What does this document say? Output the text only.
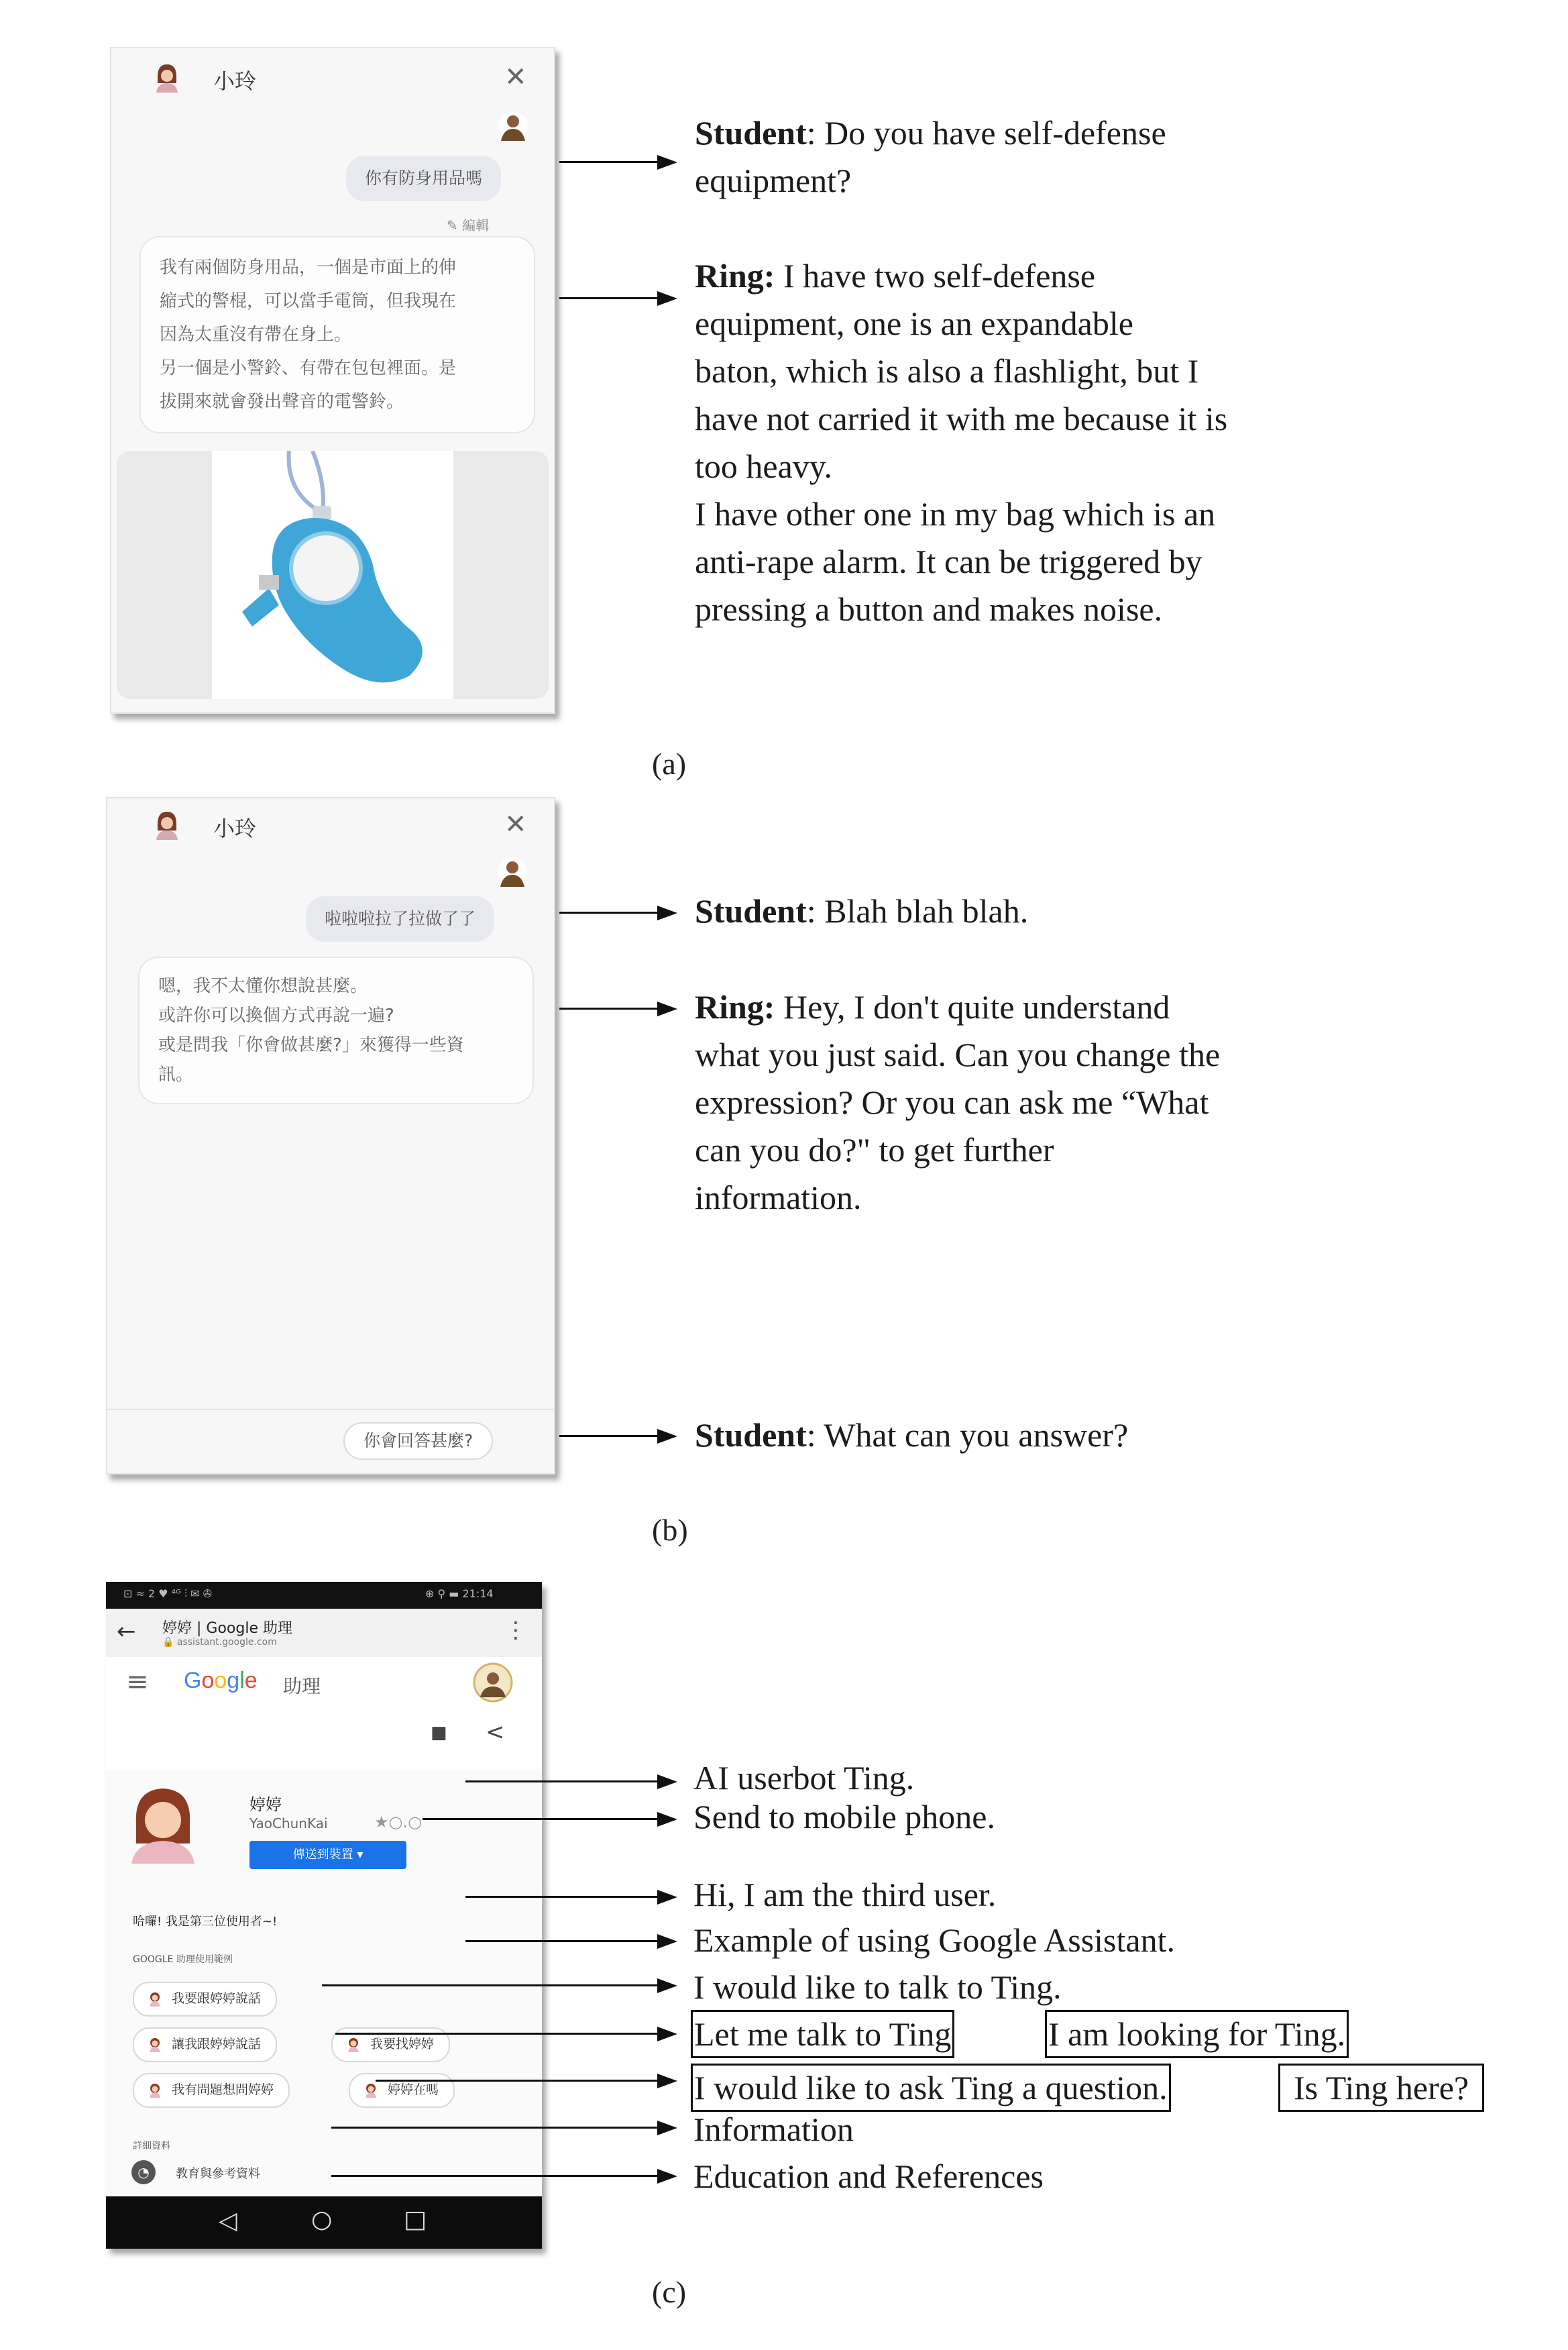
小玲	✕
你有防身用品嗎
✎ 編輯
我有兩個防身用品，一個是市面上的伸
縮式的警棍，可以當手電筒，但我現在
因為太重沒有帶在身上。
另一個是小警鈴、有帶在包包裡面。是
拔開來就會發出聲音的電警鈴。
Student: Do you have self-defense
equipment?
Ring: I have two self-defense
equipment, one is an expandable
baton, which is also a flashlight, but I
have not carried it with me because it is
too heavy.
I have other one in my bag which is an
anti-rape alarm. It can be triggered by
pressing a button and makes noise.
(a)
小玲	✕
啦啦啦拉了拉做了了
嗯，我不太懂你想說甚麼。
或許你可以換個方式再說一遍?
或是問我「你會做甚麼?」來獲得一些資
訊。
你會回答甚麼?
Student: Blah blah blah.
Ring: Hey, I don't quite understand
what you just said. Can you change the
expression? Or you can ask me “What
can you do?" to get further
information.
Student: What can you answer?
(b)
⊡ ≈ 2 ♥ ⁴ᴳ ⫶ ✉ ✇	⊕ ⚲ ▬ 21:14
← 婷婷 | Google 助理
🔒 assistant.google.com	⋮
≡ Google 助理
■ <
婷婷
YaoChunKai	★○.○
傳送到裝置 ▾
哈囉! 我是第三位使用者~!
GOOGLE 助理使用範例
我要跟婷婷說話
讓我跟婷婷說話	我要找婷婷
我有問題想問婷婷	婷婷在嗎
詳細資料
◔	教育與參考資料
◁	○	□
AI userbot Ting.
Send to mobile phone.
Hi, I am the third user.
Example of using Google Assistant.
I would like to talk to Ting.
Let me talk to Ting	I am looking for Ting.
I would like to ask Ting a question.	Is Ting here?
Information
Education and References
(c)
